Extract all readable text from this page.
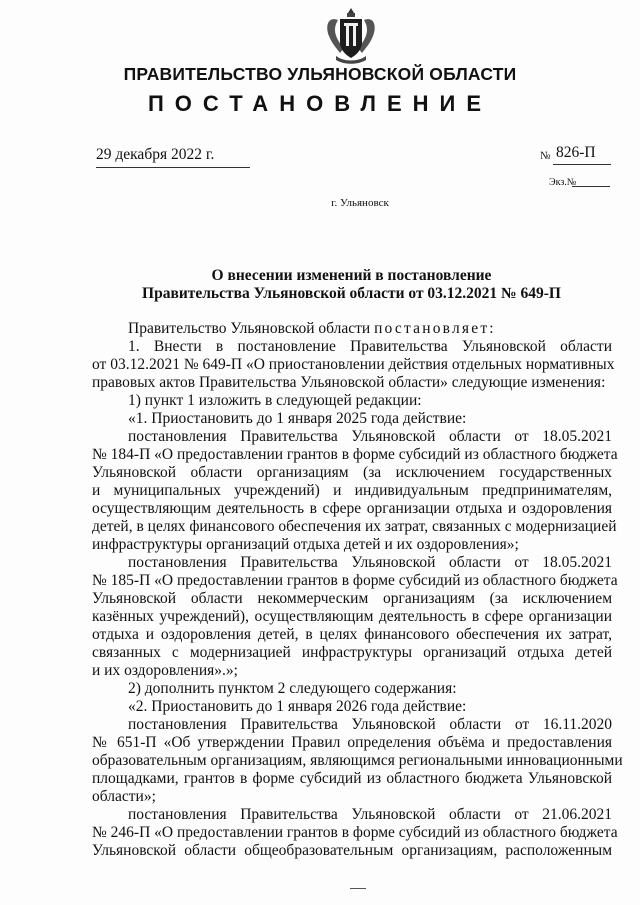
ПРАВИТЕЛЬСТВО УЛЬЯНОВСКОЙ ОБЛАСТИ
ПОСТАНОВЛЕНИЕ
29 декабря 2022 г.	№ 826-П
Экз.№
г. Ульяновск
О внесении изменений в постановление
Правительства Ульяновской области от 03.12.2021 № 649-П
Правительство Ульяновской области постановляет:
1. Внести в постановление Правительства Ульяновской области
от 03.12.2021 № 649-П «О приостановлении действия отдельных нормативных
правовых актов Правительства Ульяновской области» следующие изменения:
1) пункт 1 изложить в следующей редакции:
«1. Приостановить до 1 января 2025 года действие:
постановления Правительства Ульяновской области от 18.05.2021
№ 184-П «О предоставлении грантов в форме субсидий из областного бюджета
Ульяновской области организациям (за исключением государственных
и муниципальных учреждений) и индивидуальным предпринимателям,
осуществляющим деятельность в сфере организации отдыха и оздоровления
детей, в целях финансового обеспечения их затрат, связанных с модернизацией
инфраструктуры организаций отдыха детей и их оздоровления»;
постановления Правительства Ульяновской области от 18.05.2021
№ 185-П «О предоставлении грантов в форме субсидий из областного бюджета
Ульяновской области некоммерческим организациям (за исключением
казённых учреждений), осуществляющим деятельность в сфере организации
отдыха и оздоровления детей, в целях финансового обеспечения их затрат,
связанных с модернизацией инфраструктуры организаций отдыха детей
и их оздоровления».»;
2) дополнить пунктом 2 следующего содержания:
«2. Приостановить до 1 января 2026 года действие:
постановления Правительства Ульяновской области от 16.11.2020
№ 651-П «Об утверждении Правил определения объёма и предоставления
образовательным организациям, являющимся региональными инновационными
площадками, грантов в форме субсидий из областного бюджета Ульяновской
области»;
постановления Правительства Ульяновской области от 21.06.2021
№ 246-П «О предоставлении грантов в форме субсидий из областного бюджета
Ульяновской области общеобразовательным организациям, расположенным
